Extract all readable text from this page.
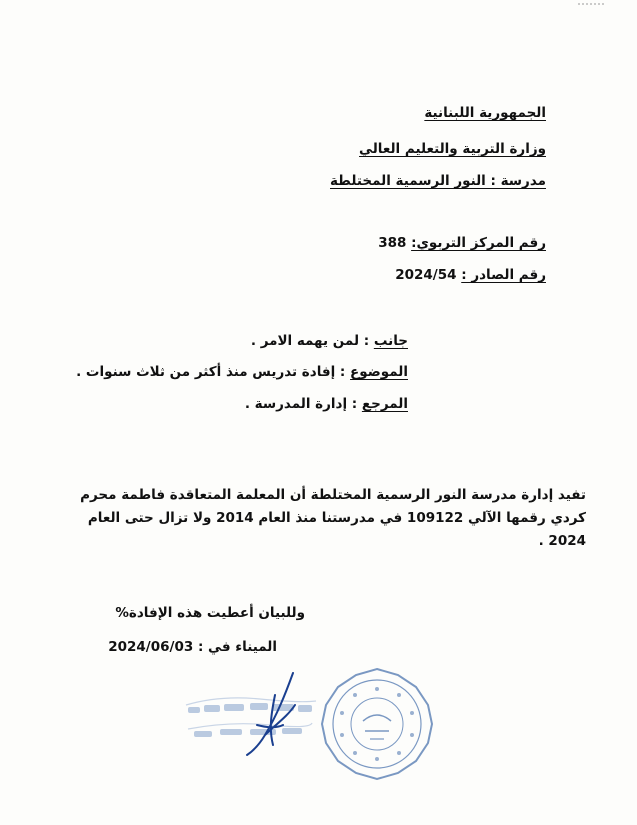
الجمهورية اللبنانية
وزارة التربية والتعليم العالي
مدرسة : النور الرسمية المختلطة
رقم المركز التربوي: 388
رقم الصادر : 2024/54
جانب : لمن يهمه الامر .
الموضوع : إفادة تدريس منذ أكثر من ثلاث سنوات .
المرجع : إدارة المدرسة .
تفيد إدارة مدرسة النور الرسمية المختلطة أن المعلمة المتعاقدة فاطمة محرم
كردي رقمها الآلي 109122 في مدرستنا منذ العام 2014 ولا تزال حتى العام
2024 .
وللبيان أعطيت هذه الإفادة%
الميناء في : 2024/06/03
